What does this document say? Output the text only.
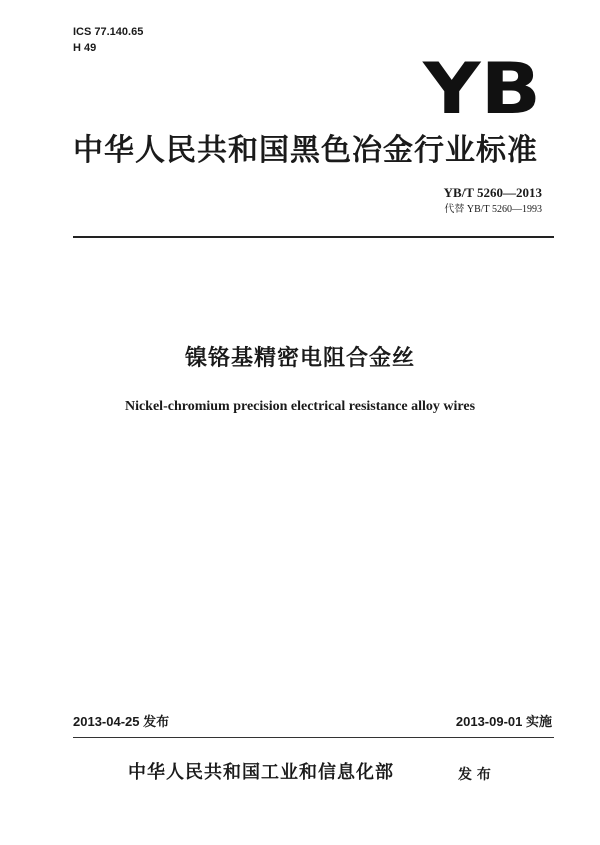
ICS 77.140.65
H 49	YB
中华人民共和国黑色冶金行业标准
YB/T 5260—2013
代替 YB/T 5260—1993
镍铬基精密电阻合金丝
Nickel-chromium precision electrical resistance alloy wires
2013-04-25 发布	2013-09-01 实施
中华人民共和国工业和信息化部	发 布
